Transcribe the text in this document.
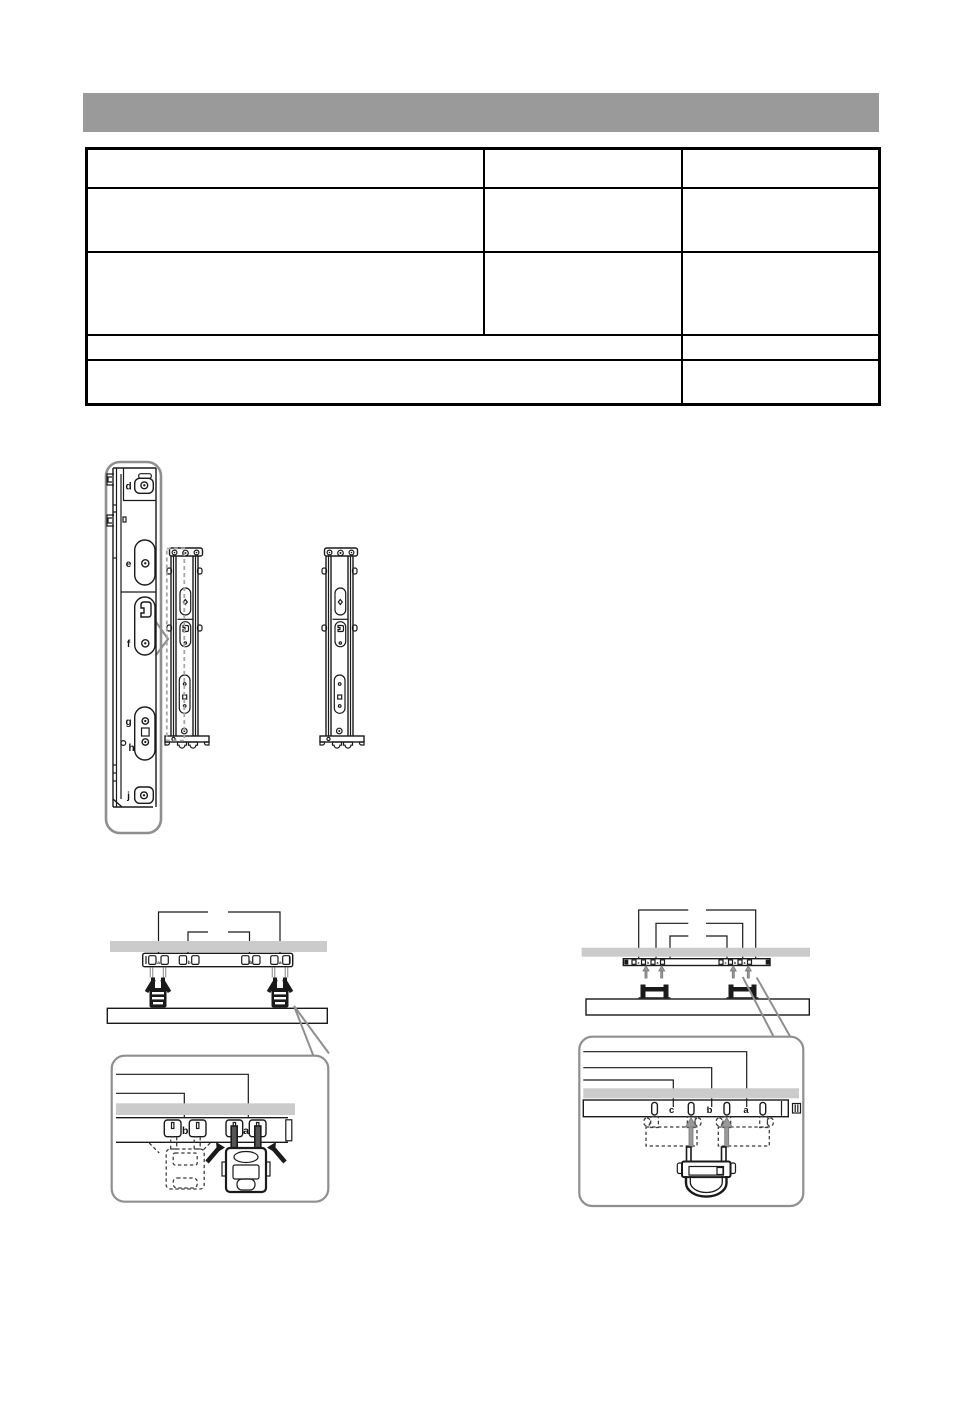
d
e
f
g
h
j
a	b	b	a
b	a
c b a	c b a
c	b	a
